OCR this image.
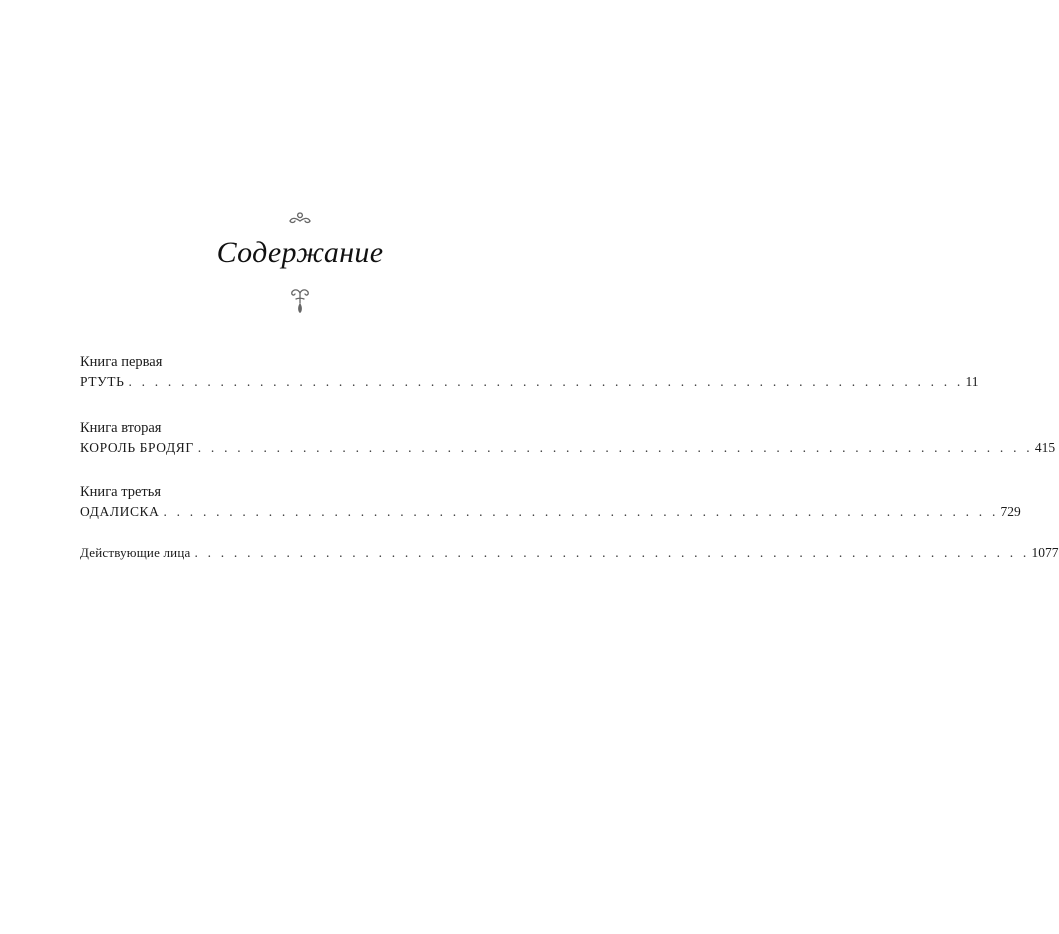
Содержание
Книга первая
РТУТЬ . . . . . . . . . . . . . . . . . . . . . . . . . . . . . . . . . . . . . . . . . . . . . . . . . . . . . . . . . . . . . . . . 11
Книга вторая
КОРОЛЬ БРОДЯГ . . . . . . . . . . . . . . . . . . . . . . . . . . . . . . . . . . . . . . . . . . . . . . . . . . . . . . . . . . . . . . . . 415
Книга третья
ОДАЛИСКА . . . . . . . . . . . . . . . . . . . . . . . . . . . . . . . . . . . . . . . . . . . . . . . . . . . . . . . . . . . . . . . . 729
Действующие лица . . . . . . . . . . . . . . . . . . . . . . . . . . . . . . . . . . . . . . . . . . . . . . . . . . . . . . . . . . . . . . . . 1077
